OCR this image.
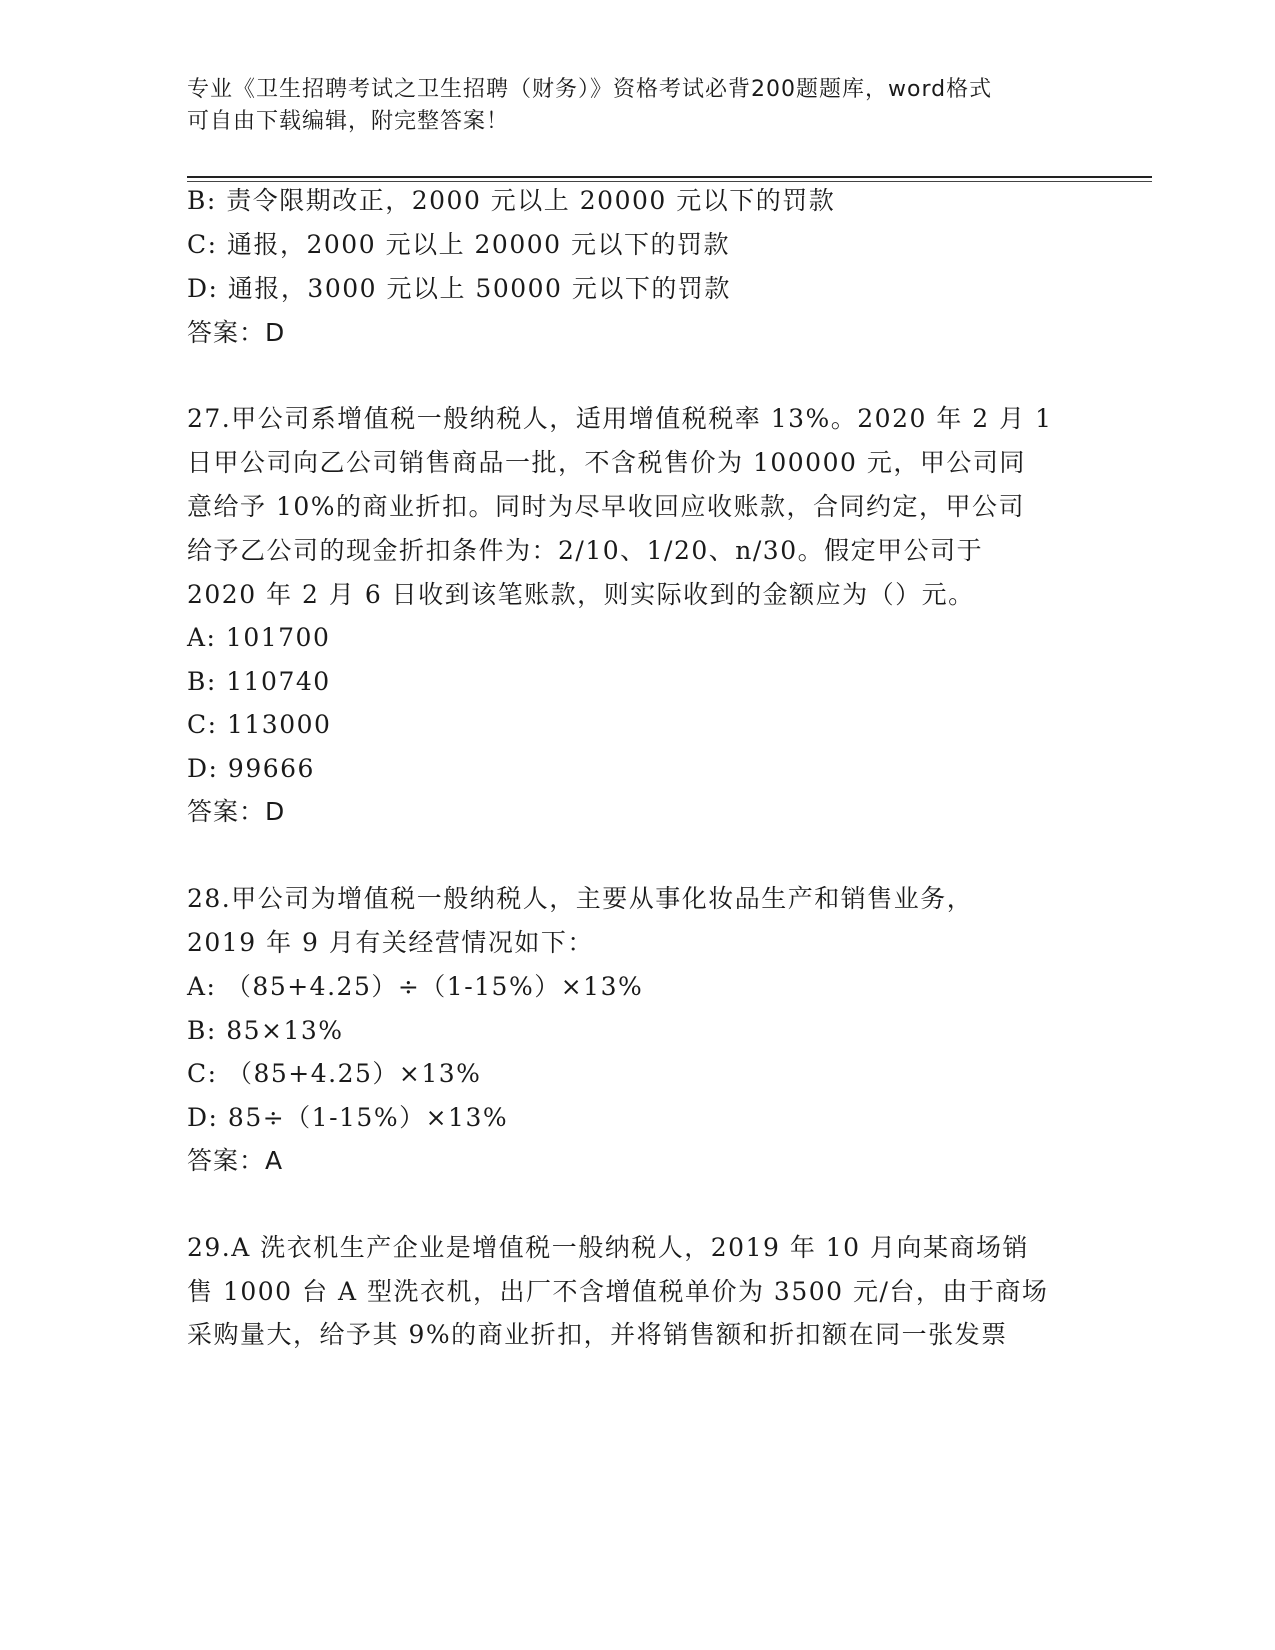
专业《卫生招聘考试之卫生招聘（财务）》资格考试必背200题题库，word格式
可自由下载编辑，附完整答案！
B: 责令限期改正，2000 元以上 20000 元以下的罚款
C: 通报，2000 元以上 20000 元以下的罚款
D: 通报，3000 元以上 50000 元以下的罚款
答案：D
27.甲公司系增值税一般纳税人，适用增值税税率 13%。2020 年 2 月 1
日甲公司向乙公司销售商品一批，不含税售价为 100000 元，甲公司同
意给予 10%的商业折扣。同时为尽早收回应收账款，合同约定，甲公司
给予乙公司的现金折扣条件为：2/10、1/20、n/30。假定甲公司于
2020 年 2 月 6 日收到该笔账款，则实际收到的金额应为（）元。
A: 101700
B: 110740
C: 113000
D: 99666
答案：D
28.甲公司为增值税一般纳税人，主要从事化妆品生产和销售业务，
2019 年 9 月有关经营情况如下：
A: （85+4.25）÷（1-15%）×13%
B: 85×13%
C: （85+4.25）×13%
D: 85÷（1-15%）×13%
答案：A
29.A 洗衣机生产企业是增值税一般纳税人，2019 年 10 月向某商场销
售 1000 台 A 型洗衣机，出厂不含增值税单价为 3500 元/台，由于商场
采购量大，给予其 9%的商业折扣，并将销售额和折扣额在同一张发票
